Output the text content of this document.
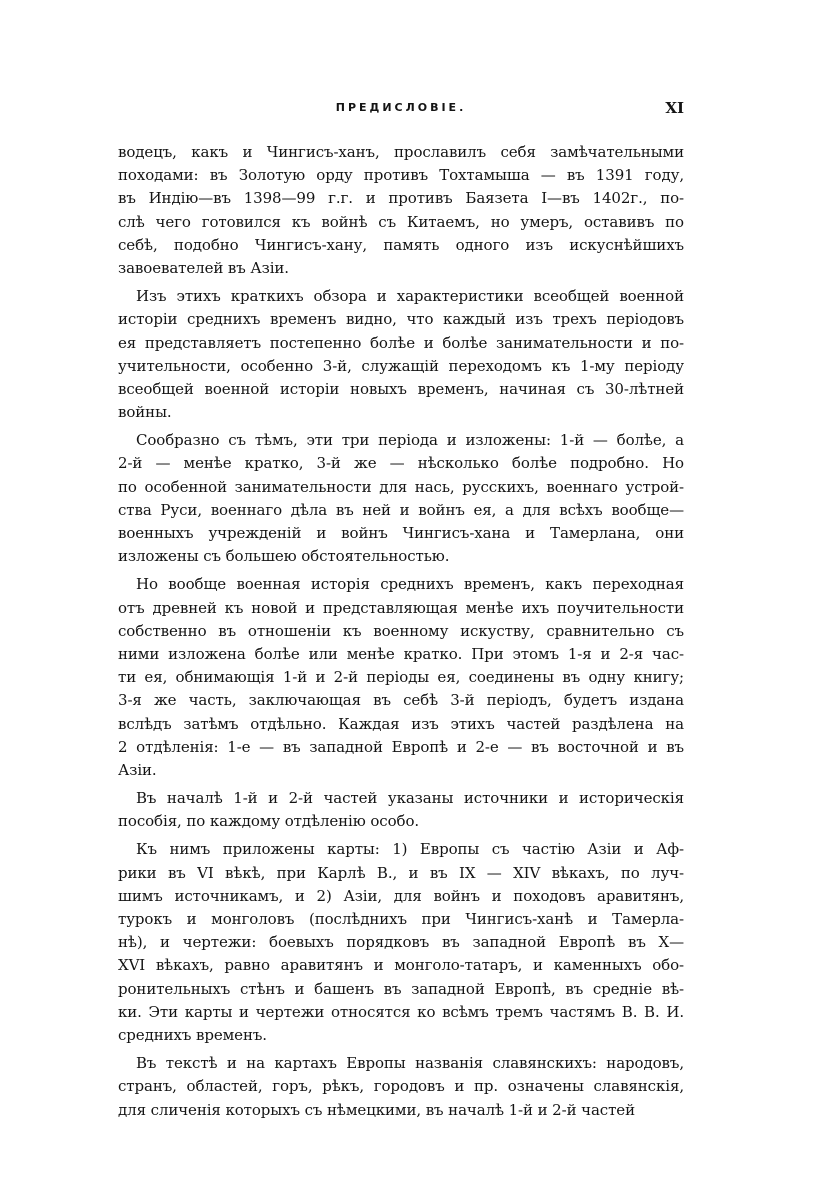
ПРЕДИСЛОВІЕ.	XI
водецъ, какъ и Чингисъ-ханъ, прославилъ себя замѣчательными
походами: въ Золотую орду противъ Тохтамыша — въ 1391 году,
въ Индію—въ 1398—99 г.г. и противъ Баязета I—въ 1402г., по-
слѣ чего готовился къ войнѣ съ Китаемъ, но умеръ, оставивъ по
себѣ, подобно Чингисъ-хану, память одного изъ искуснѣйшихъ
завоевателей въ Азіи.
Изъ этихъ краткихъ обзора и характеристики всеобщей военной
исторіи среднихъ временъ видно, что каждый изъ трехъ періодовъ
ея представляетъ постепенно болѣе и болѣе занимательности и по-
учительности, особенно 3-й, служащій переходомъ къ 1-му періоду
всеобщей военной исторіи новыхъ временъ, начиная съ 30-лѣтней
войны.
Сообразно съ тѣмъ, эти три періода и изложены: 1-й — болѣе, а
2-й — менѣе кратко, 3-й же — нѣсколько болѣе подробно. Но
по особенной занимательности для нась, русскихъ, военнаго устрой-
ства Руси, военнаго дѣла въ ней и войнъ ея, а для всѣхъ вообще—
военныхъ учрежденій и войнъ Чингисъ-хана и Тамерлана, они
изложены съ большею обстоятельностью.
Но вообще военная исторія среднихъ временъ, какъ переходная
отъ древней къ новой и представляющая менѣе ихъ поучительности
собственно въ отношеніи къ военному искуству, сравнительно съ
ними изложена болѣе или менѣе кратко. При этомъ 1-я и 2-я час-
ти ея, обнимающія 1-й и 2-й періоды ея, соединены въ одну книгу;
3-я же часть, заключающая въ себѣ 3-й періодъ, будетъ издана
вслѣдъ затѣмъ отдѣльно. Каждая изъ этихъ частей раздѣлена на
2 отдѣленія: 1-е — въ западной Европѣ и 2-е — въ восточной и въ
Азіи.
Въ началѣ 1-й и 2-й частей указаны источники и историческія
пособія, по каждому отдѣленію особо.
Къ нимъ приложены карты: 1) Европы съ частію Азіи и Аф-
рики въ VI вѣкѣ, при Карлѣ В., и въ IX — XIV вѣкахъ, по луч-
шимъ источникамъ, и 2) Азіи, для войнъ и походовъ аравитянъ,
турокъ и монголовъ (послѣднихъ при Чингисъ-ханѣ и Тамерла-
нѣ), и чертежи: боевыхъ порядковъ въ западной Европѣ въ X—
XVI вѣкахъ, равно аравитянъ и монголо-татаръ, и каменныхъ обо-
ронительныхъ стѣнъ и башенъ въ западной Европѣ, въ средніе вѣ-
ки. Эти карты и чертежи относятся ко всѣмъ тремъ частямъ В. В. И.
среднихъ временъ.
Въ текстѣ и на картахъ Европы названія славянскихъ: народовъ,
странъ, областей, горъ, рѣкъ, городовъ и пр. означены славянскія,
для сличенія которыхъ съ нѣмецкими, въ началѣ 1-й и 2-й частей
